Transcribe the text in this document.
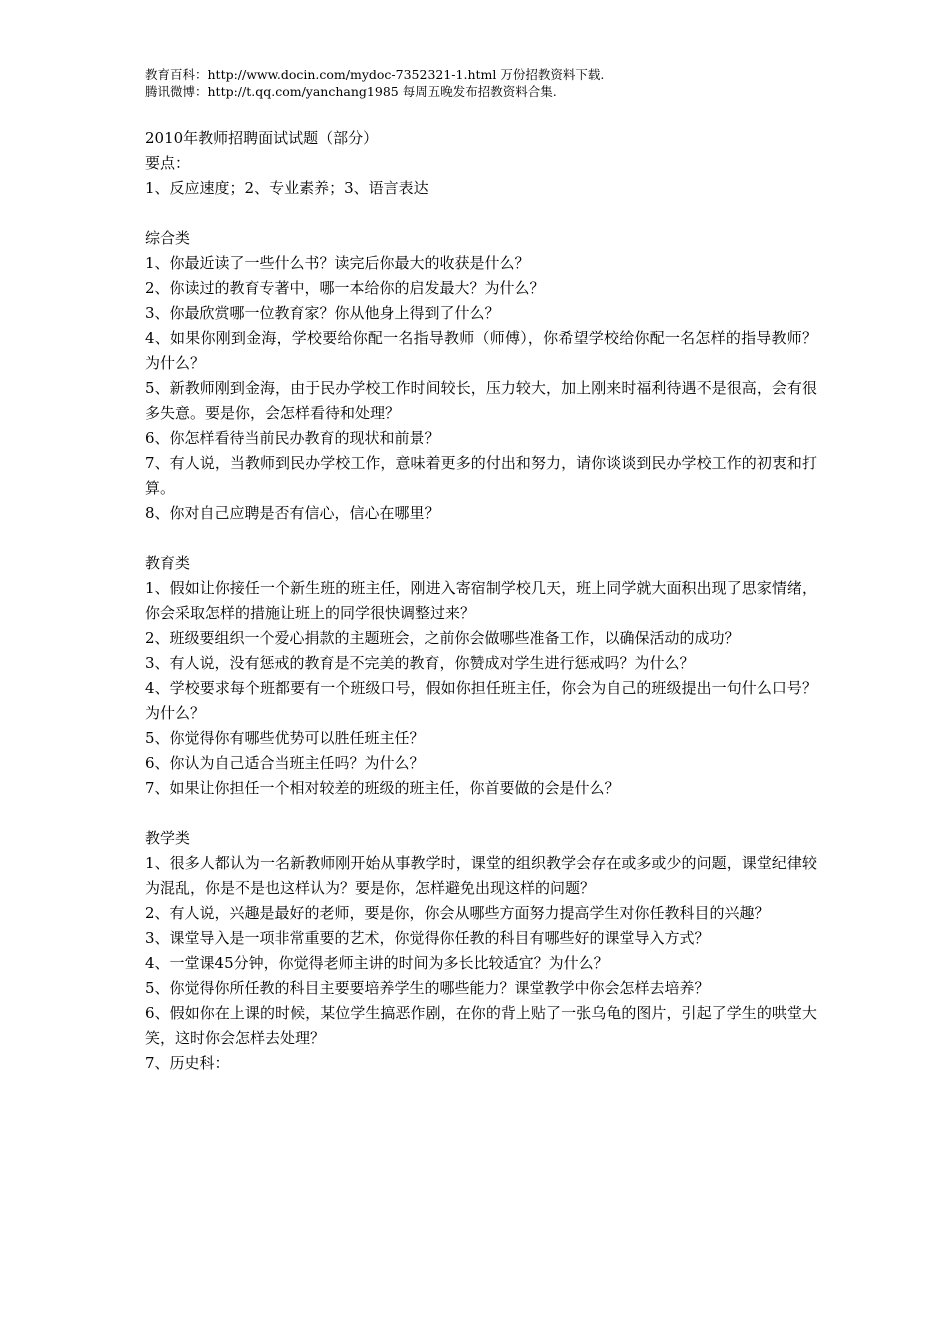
教育百科：http://www.docin.com/mydoc-7352321-1.html 万份招教资料下载.

腾讯微博：http://t.qq.com/yanchang1985 每周五晚发布招教资料合集.

2010年教师招聘面试试题（部分）

要点：

1、反应速度；2、专业素养；3、语言表达

综合类

1、你最近读了一些什么书？读完后你最大的收获是什么？

2、你读过的教育专著中，哪一本给你的启发最大？为什么？

3、你最欣赏哪一位教育家？你从他身上得到了什么？

4、如果你刚到金海，学校要给你配一名指导教师（师傅），你希望学校给你配一名怎样的指导教师？为什么？

5、新教师刚到金海，由于民办学校工作时间较长，压力较大，加上刚来时福利待遇不是很高，会有很多失意。要是你，会怎样看待和处理？

6、你怎样看待当前民办教育的现状和前景？

7、有人说，当教师到民办学校工作，意味着更多的付出和努力，请你谈谈到民办学校工作的初衷和打算。

8、你对自己应聘是否有信心，信心在哪里？

教育类

1、假如让你接任一个新生班的班主任，刚进入寄宿制学校几天，班上同学就大面积出现了思家情绪，你会采取怎样的措施让班上的同学很快调整过来？

2、班级要组织一个爱心捐款的主题班会，之前你会做哪些准备工作，以确保活动的成功？

3、有人说，没有惩戒的教育是不完美的教育，你赞成对学生进行惩戒吗？为什么？

4、学校要求每个班都要有一个班级口号，假如你担任班主任，你会为自己的班级提出一句什么口号？为什么？

5、你觉得你有哪些优势可以胜任班主任？

6、你认为自己适合当班主任吗？为什么？

7、如果让你担任一个相对较差的班级的班主任，你首要做的会是什么？

教学类

1、很多人都认为一名新教师刚开始从事教学时，课堂的组织教学会存在或多或少的问题，课堂纪律较为混乱，你是不是也这样认为？要是你，怎样避免出现这样的问题？

2、有人说，兴趣是最好的老师，要是你，你会从哪些方面努力提高学生对你任教科目的兴趣？

3、课堂导入是一项非常重要的艺术，你觉得你任教的科目有哪些好的课堂导入方式？

4、一堂课45分钟，你觉得老师主讲的时间为多长比较适宜？为什么？

5、你觉得你所任教的科目主要要培养学生的哪些能力？课堂教学中你会怎样去培养？

6、假如你在上课的时候，某位学生搞恶作剧，在你的背上贴了一张乌龟的图片，引起了学生的哄堂大笑，这时你会怎样去处理？

7、历史科：
